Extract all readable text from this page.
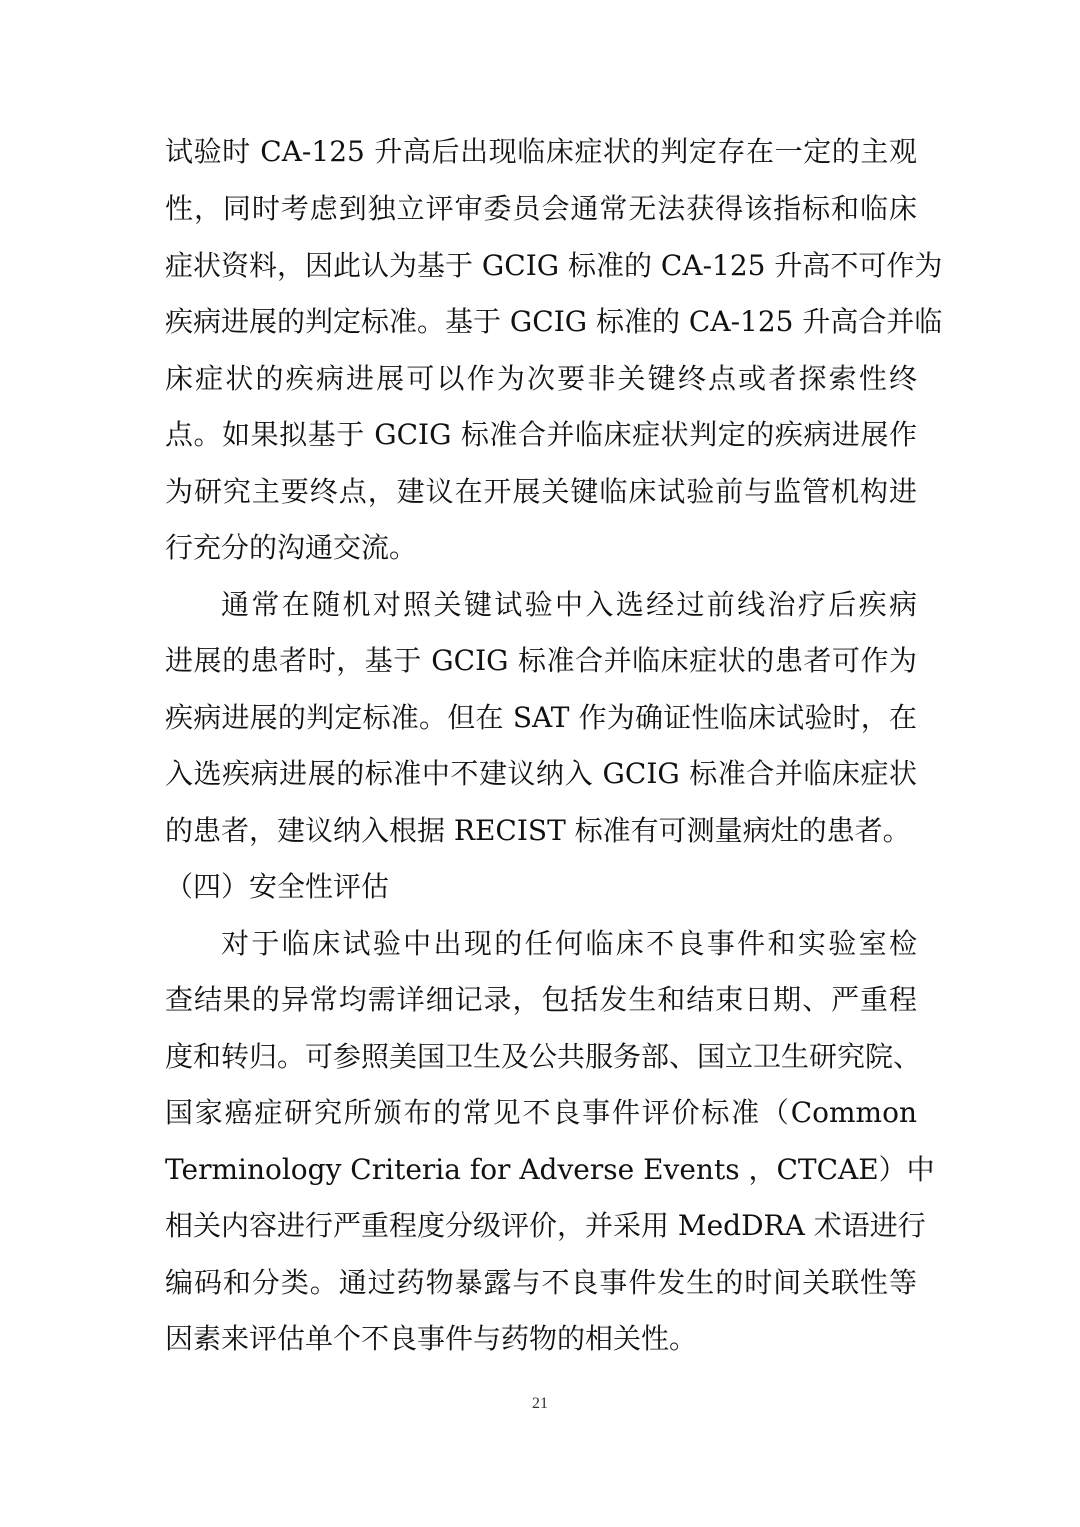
试验时 CA-125 升高后出现临床症状的判定存在一定的主观
性，同时考虑到独立评审委员会通常无法获得该指标和临床
症状资料，因此认为基于 GCIG 标准的 CA-125 升高不可作为
疾病进展的判定标准。基于 GCIG 标准的 CA-125 升高合并临
床症状的疾病进展可以作为次要非关键终点或者探索性终
点。如果拟基于 GCIG 标准合并临床症状判定的疾病进展作
为研究主要终点，建议在开展关键临床试验前与监管机构进
行充分的沟通交流。
通常在随机对照关键试验中入选经过前线治疗后疾病
进展的患者时，基于 GCIG 标准合并临床症状的患者可作为
疾病进展的判定标准。但在 SAT 作为确证性临床试验时，在
入选疾病进展的标准中不建议纳入 GCIG 标准合并临床症状
的患者，建议纳入根据 RECIST 标准有可测量病灶的患者。
（四）安全性评估
对于临床试验中出现的任何临床不良事件和实验室检
查结果的异常均需详细记录，包括发生和结束日期、严重程
度和转归。可参照美国卫生及公共服务部、国立卫生研究院、
国家癌症研究所颁布的常见不良事件评价标准（Common
Terminology Criteria for Adverse Events ，CTCAE）中
相关内容进行严重程度分级评价，并采用 MedDRA 术语进行
编码和分类。通过药物暴露与不良事件发生的时间关联性等
因素来评估单个不良事件与药物的相关性。
21
